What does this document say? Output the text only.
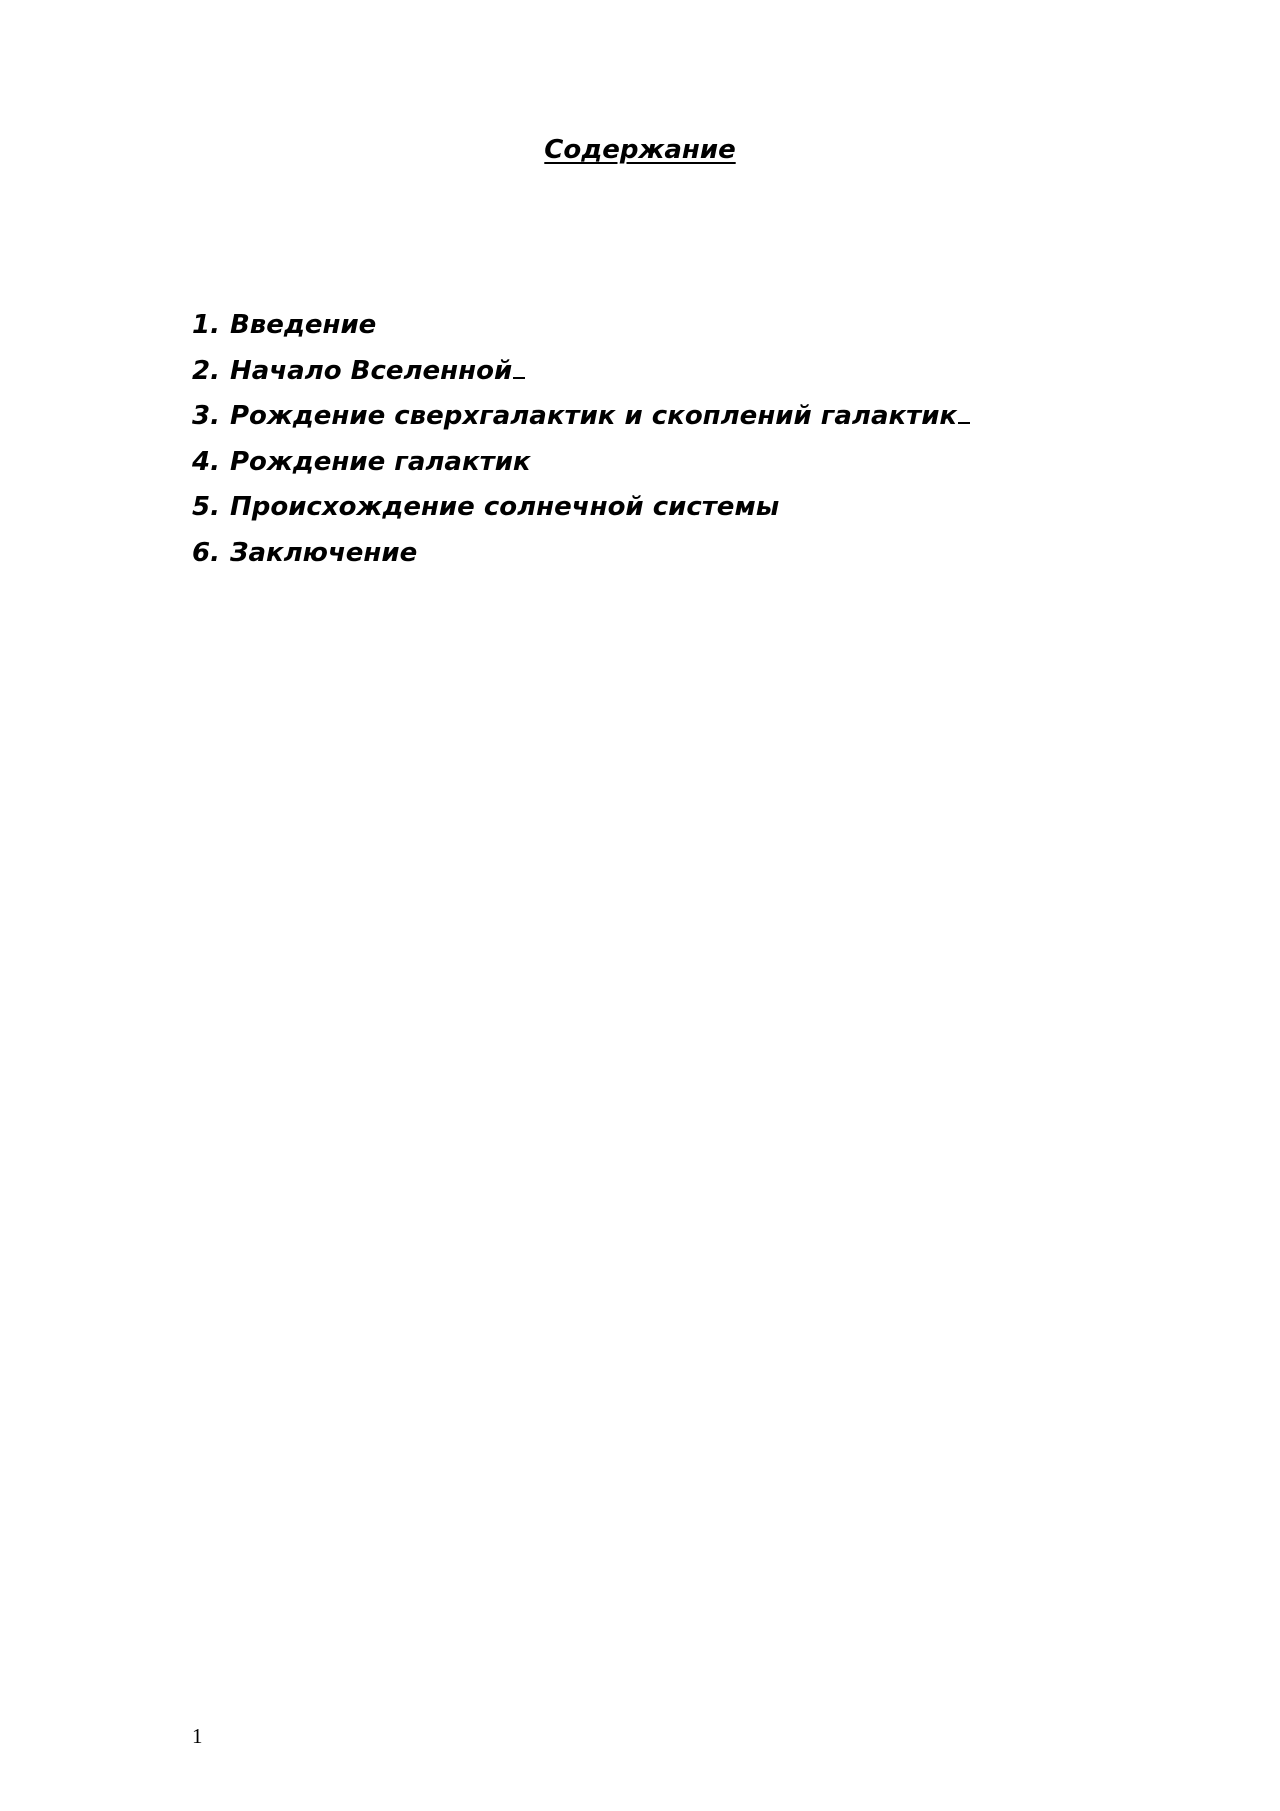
Содержание
1. Введение
2. Начало Вселенной
3. Рождение сверхгалактик и скоплений галактик
4. Рождение галактик
5. Происхождение солнечной системы
6. Заключение
1
